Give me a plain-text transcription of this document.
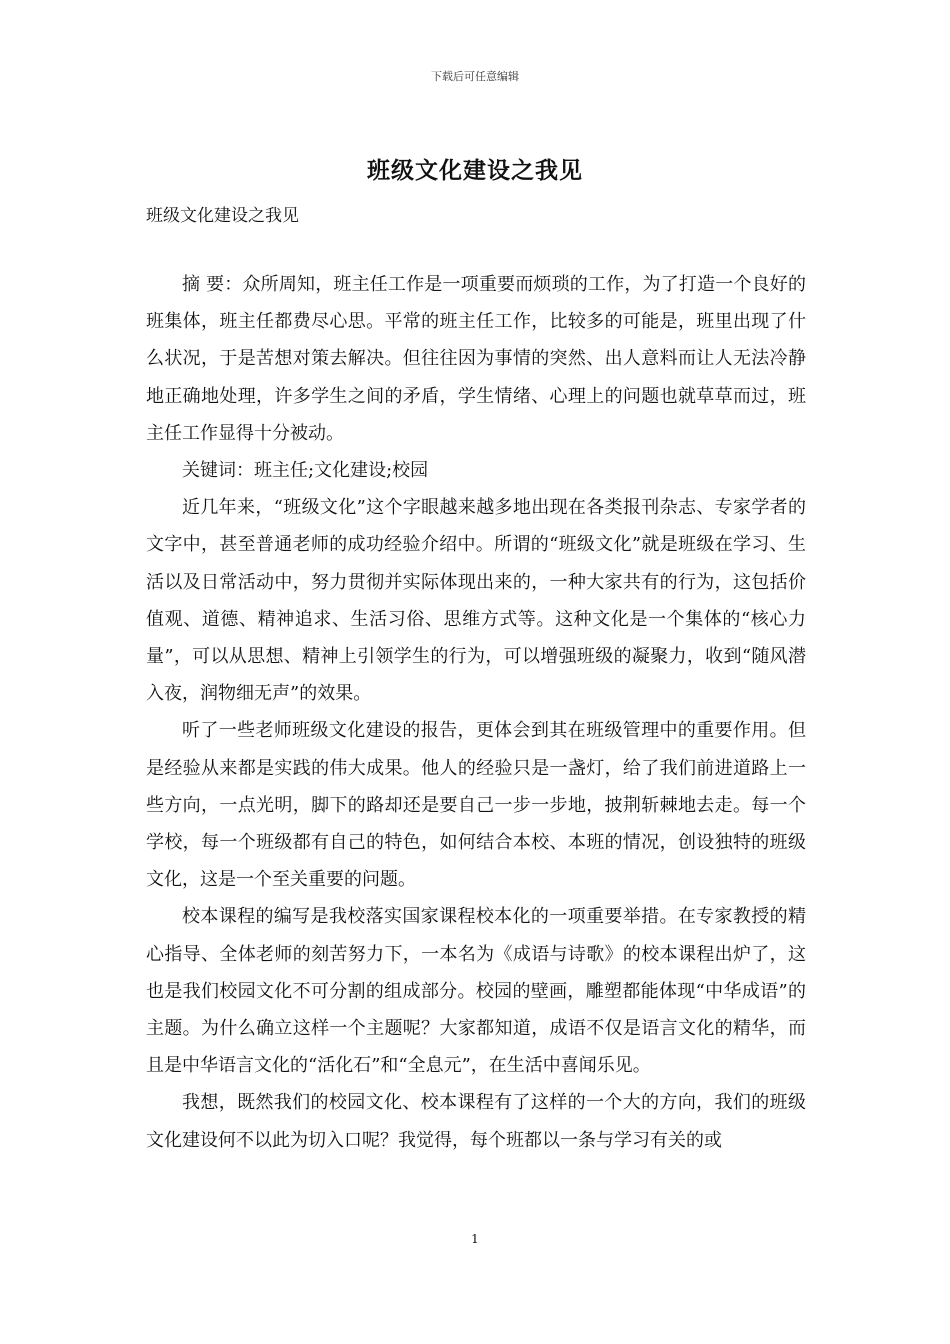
下载后可任意编辑
班级文化建设之我见
班级文化建设之我见

摘 要：众所周知，班主任工作是一项重要而烦琐的工作，为了打造一个良好的班集体，班主任都费尽心思。平常的班主任工作，比较多的可能是，班里出现了什么状况，于是苦想对策去解决。但往往因为事情的突然、出人意料而让人无法冷静地正确地处理，许多学生之间的矛盾，学生情绪、心理上的问题也就草草而过，班主任工作显得十分被动。

关键词：班主任;文化建设;校园

近几年来，“班级文化”这个字眼越来越多地出现在各类报刊杂志、专家学者的文字中，甚至普通老师的成功经验介绍中。所谓的“班级文化”就是班级在学习、生活以及日常活动中，努力贯彻并实际体现出来的，一种大家共有的行为，这包括价值观、道德、精神追求、生活习俗、思维方式等。这种文化是一个集体的“核心力量”，可以从思想、精神上引领学生的行为，可以增强班级的凝聚力，收到“随风潜入夜，润物细无声”的效果。

听了一些老师班级文化建设的报告，更体会到其在班级管理中的重要作用。但是经验从来都是实践的伟大成果。他人的经验只是一盏灯，给了我们前进道路上一些方向，一点光明，脚下的路却还是要自己一步一步地，披荆斩棘地去走。每一个学校，每一个班级都有自己的特色，如何结合本校、本班的情况，创设独特的班级文化，这是一个至关重要的问题。

校本课程的编写是我校落实国家课程校本化的一项重要举措。在专家教授的精心指导、全体老师的刻苦努力下，一本名为《成语与诗歌》的校本课程出炉了，这也是我们校园文化不可分割的组成部分。校园的壁画，雕塑都能体现“中华成语”的主题。为什么确立这样一个主题呢？大家都知道，成语不仅是语言文化的精华，而且是中华语言文化的“活化石”和“全息元”，在生活中喜闻乐见。

我想，既然我们的校园文化、校本课程有了这样的一个大的方向，我们的班级文化建设何不以此为切入口呢？我觉得，每个班都以一条与学习有关的或

1
